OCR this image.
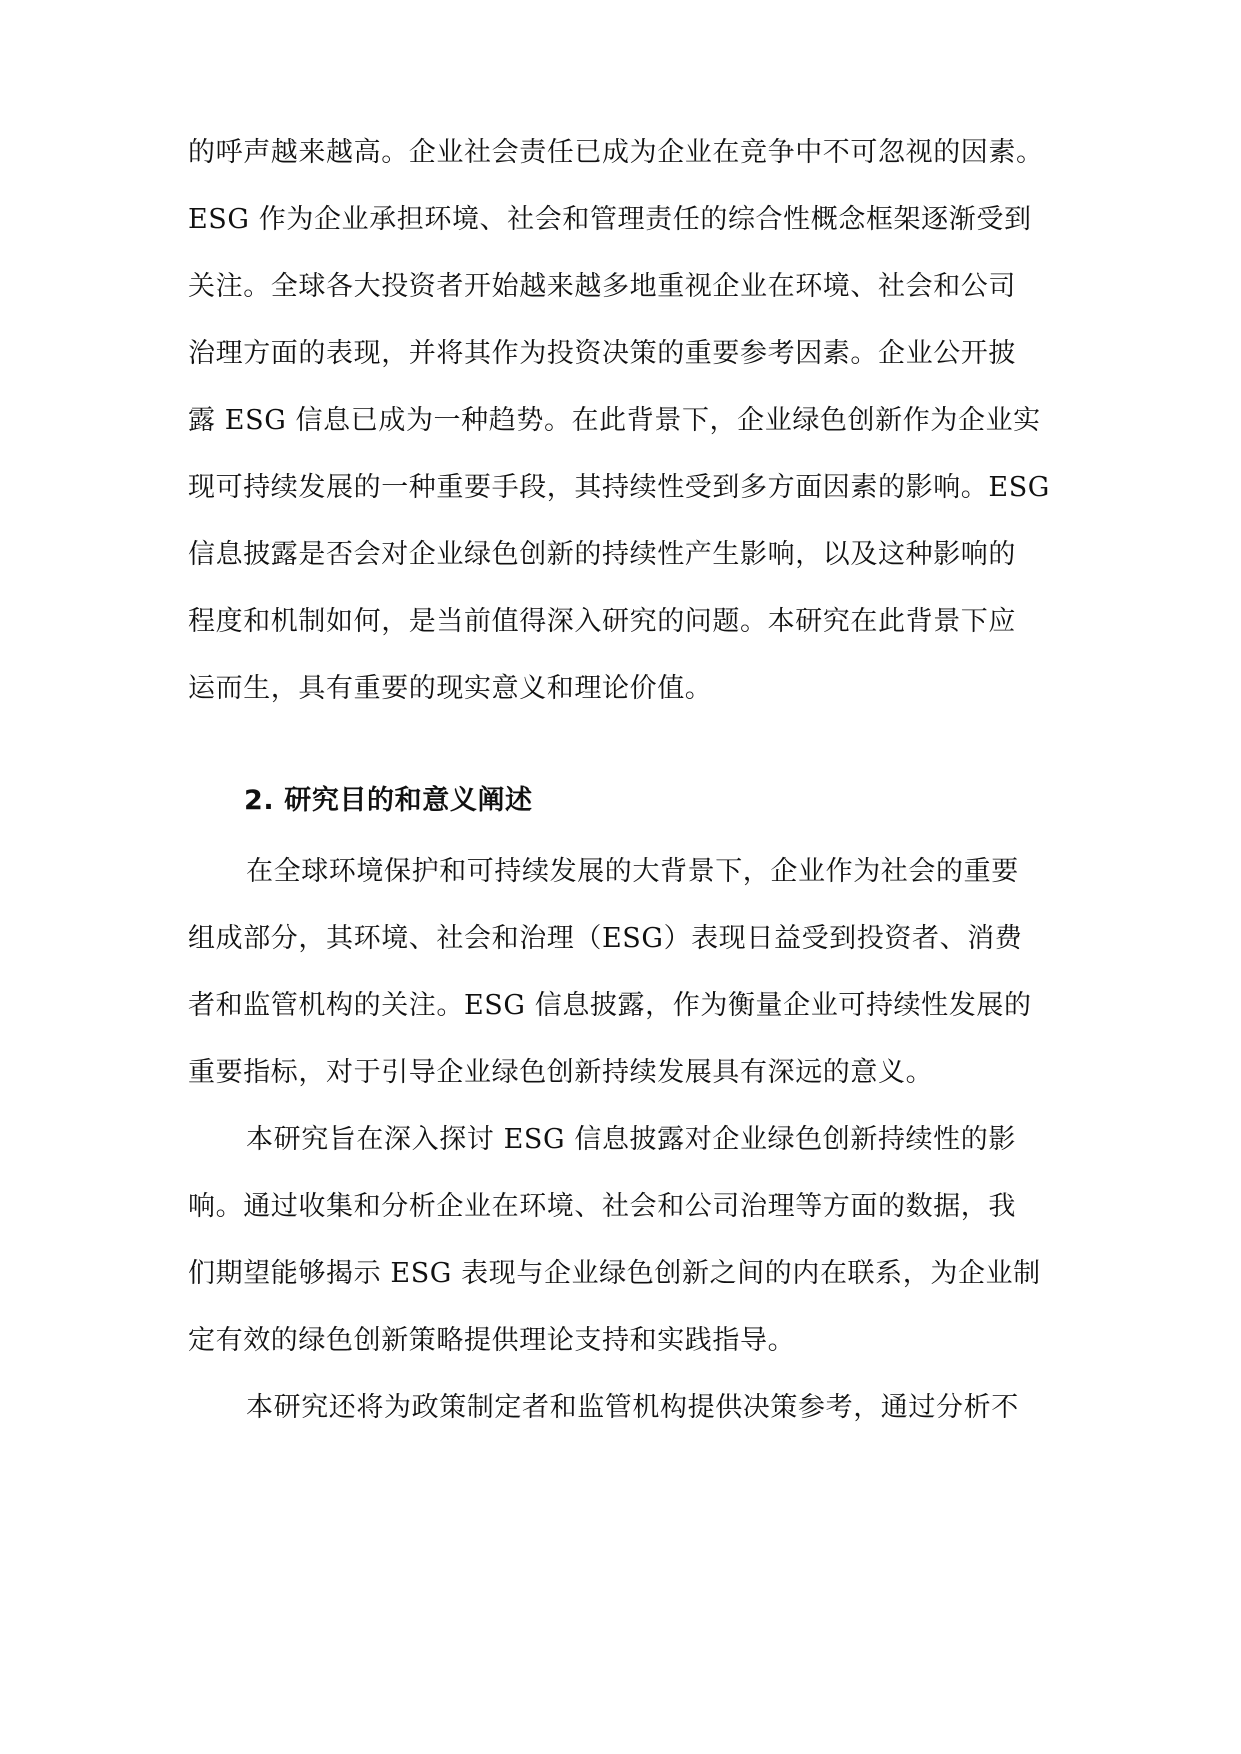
的呼声越来越高。企业社会责任已成为企业在竞争中不可忽视的因素。
ESG 作为企业承担环境、社会和管理责任的综合性概念框架逐渐受到
关注。全球各大投资者开始越来越多地重视企业在环境、社会和公司
治理方面的表现，并将其作为投资决策的重要参考因素。企业公开披
露 ESG 信息已成为一种趋势。在此背景下，企业绿色创新作为企业实
现可持续发展的一种重要手段，其持续性受到多方面因素的影响。ESG
信息披露是否会对企业绿色创新的持续性产生影响，以及这种影响的
程度和机制如何，是当前值得深入研究的问题。本研究在此背景下应
运而生，具有重要的现实意义和理论价值。
2. 研究目的和意义阐述
在全球环境保护和可持续发展的大背景下，企业作为社会的重要
组成部分，其环境、社会和治理（ESG）表现日益受到投资者、消费
者和监管机构的关注。ESG 信息披露，作为衡量企业可持续性发展的
重要指标，对于引导企业绿色创新持续发展具有深远的意义。
本研究旨在深入探讨 ESG 信息披露对企业绿色创新持续性的影
响。通过收集和分析企业在环境、社会和公司治理等方面的数据，我
们期望能够揭示 ESG 表现与企业绿色创新之间的内在联系，为企业制
定有效的绿色创新策略提供理论支持和实践指导。
本研究还将为政策制定者和监管机构提供决策参考，通过分析不
